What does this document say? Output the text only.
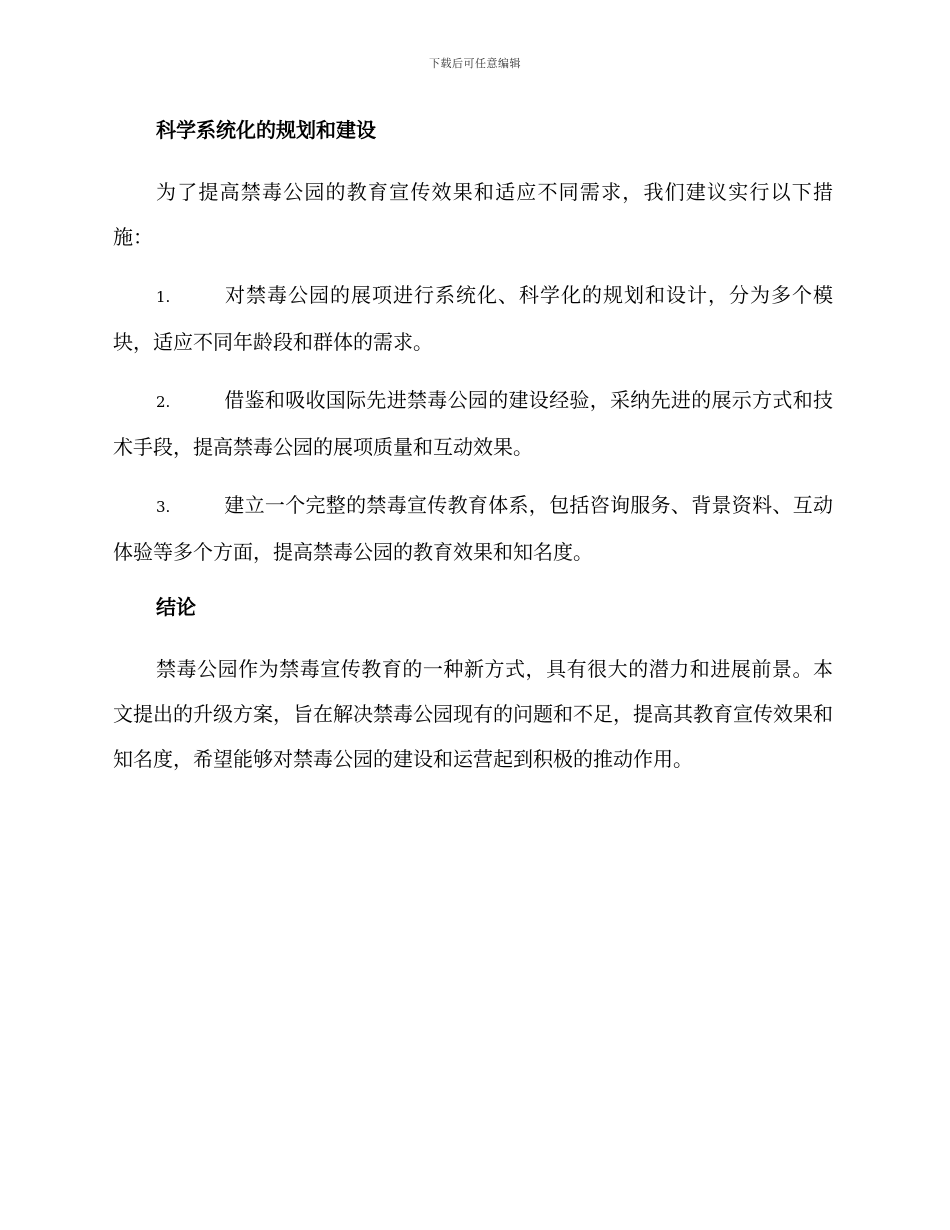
下载后可任意编辑
科学系统化的规划和建设

为了提高禁毒公园的教育宣传效果和适应不同需求，我们建议实行以下措施：

1.	对禁毒公园的展项进行系统化、科学化的规划和设计，分为多个模块，适应不同年龄段和群体的需求。

2.	借鉴和吸收国际先进禁毒公园的建设经验，采纳先进的展示方式和技术手段，提高禁毒公园的展项质量和互动效果。

3.	建立一个完整的禁毒宣传教育体系，包括咨询服务、背景资料、互动体验等多个方面，提高禁毒公园的教育效果和知名度。

结论

禁毒公园作为禁毒宣传教育的一种新方式，具有很大的潜力和进展前景。本文提出的升级方案，旨在解决禁毒公园现有的问题和不足，提高其教育宣传效果和知名度，希望能够对禁毒公园的建设和运营起到积极的推动作用。
